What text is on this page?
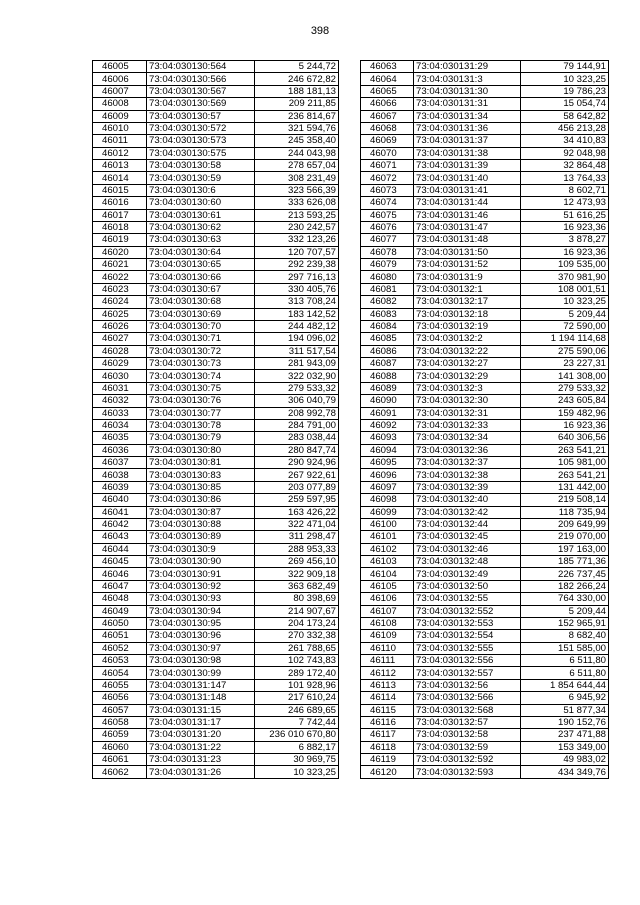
398
46005	73:04:030130:564	5 244,72
46006	73:04:030130:566	246 672,82
46007	73:04:030130:567	188 181,13
46008	73:04:030130:569	209 211,85
46009	73:04:030130:57	236 814,67
46010	73:04:030130:572	321 594,76
46011	73:04:030130:573	245 358,40
46012	73:04:030130:575	244 043,98
46013	73:04:030130:58	278 657,04
46014	73:04:030130:59	308 231,49
46015	73:04:030130:6	323 566,39
46016	73:04:030130:60	333 626,08
46017	73:04:030130:61	213 593,25
46018	73:04:030130:62	230 242,57
46019	73:04:030130:63	332 123,26
46020	73:04:030130:64	120 707,57
46021	73:04:030130:65	292 239,38
46022	73:04:030130:66	297 716,13
46023	73:04:030130:67	330 405,76
46024	73:04:030130:68	313 708,24
46025	73:04:030130:69	183 142,52
46026	73:04:030130:70	244 482,12
46027	73:04:030130:71	194 096,02
46028	73:04:030130:72	311 517,54
46029	73:04:030130:73	281 943,09
46030	73:04:030130:74	322 032,90
46031	73:04:030130:75	279 533,32
46032	73:04:030130:76	306 040,79
46033	73:04:030130:77	208 992,78
46034	73:04:030130:78	284 791,00
46035	73:04:030130:79	283 038,44
46036	73:04:030130:80	280 847,74
46037	73:04:030130:81	290 924,96
46038	73:04:030130:83	267 922,61
46039	73:04:030130:85	203 077,89
46040	73:04:030130:86	259 597,95
46041	73:04:030130:87	163 426,22
46042	73:04:030130:88	322 471,04
46043	73:04:030130:89	311 298,47
46044	73:04:030130:9	288 953,33
46045	73:04:030130:90	269 456,10
46046	73:04:030130:91	322 909,18
46047	73:04:030130:92	363 682,49
46048	73:04:030130:93	80 398,69
46049	73:04:030130:94	214 907,67
46050	73:04:030130:95	204 173,24
46051	73:04:030130:96	270 332,38
46052	73:04:030130:97	261 788,65
46053	73:04:030130:98	102 743,83
46054	73:04:030130:99	289 172,40
46055	73:04:030131:147	101 928,96
46056	73:04:030131:148	217 610,24
46057	73:04:030131:15	246 689,65
46058	73:04:030131:17	7 742,44
46059	73:04:030131:20	236 010 670,80
46060	73:04:030131:22	6 882,17
46061	73:04:030131:23	30 969,75
46062	73:04:030131:26	10 323,25
46063	73:04:030131:29	79 144,91
46064	73:04:030131:3	10 323,25
46065	73:04:030131:30	19 786,23
46066	73:04:030131:31	15 054,74
46067	73:04:030131:34	58 642,82
46068	73:04:030131:36	456 213,28
46069	73:04:030131:37	34 410,83
46070	73:04:030131:38	92 048,98
46071	73:04:030131:39	32 864,48
46072	73:04:030131:40	13 764,33
46073	73:04:030131:41	8 602,71
46074	73:04:030131:44	12 473,93
46075	73:04:030131:46	51 616,25
46076	73:04:030131:47	16 923,36
46077	73:04:030131:48	3 878,27
46078	73:04:030131:50	16 923,36
46079	73:04:030131:52	109 535,00
46080	73:04:030131:9	370 981,90
46081	73:04:030132:1	108 001,51
46082	73:04:030132:17	10 323,25
46083	73:04:030132:18	5 209,44
46084	73:04:030132:19	72 590,00
46085	73:04:030132:2	1 194 114,68
46086	73:04:030132:22	275 590,06
46087	73:04:030132:27	23 227,31
46088	73:04:030132:29	141 308,00
46089	73:04:030132:3	279 533,32
46090	73:04:030132:30	243 605,84
46091	73:04:030132:31	159 482,96
46092	73:04:030132:33	16 923,36
46093	73:04:030132:34	640 306,56
46094	73:04:030132:36	263 541,21
46095	73:04:030132:37	105 981,00
46096	73:04:030132:38	263 541,21
46097	73:04:030132:39	131 442,00
46098	73:04:030132:40	219 508,14
46099	73:04:030132:42	118 735,94
46100	73:04:030132:44	209 649,99
46101	73:04:030132:45	219 070,00
46102	73:04:030132:46	197 163,00
46103	73:04:030132:48	185 771,36
46104	73:04:030132:49	226 737,45
46105	73:04:030132:50	182 266,24
46106	73:04:030132:55	764 330,00
46107	73:04:030132:552	5 209,44
46108	73:04:030132:553	152 965,91
46109	73:04:030132:554	8 682,40
46110	73:04:030132:555	151 585,00
46111	73:04:030132:556	6 511,80
46112	73:04:030132:557	6 511,80
46113	73:04:030132:56	1 854 644,44
46114	73:04:030132:566	6 945,92
46115	73:04:030132:568	51 877,34
46116	73:04:030132:57	190 152,76
46117	73:04:030132:58	237 471,88
46118	73:04:030132:59	153 349,00
46119	73:04:030132:592	49 983,02
46120	73:04:030132:593	434 349,76
